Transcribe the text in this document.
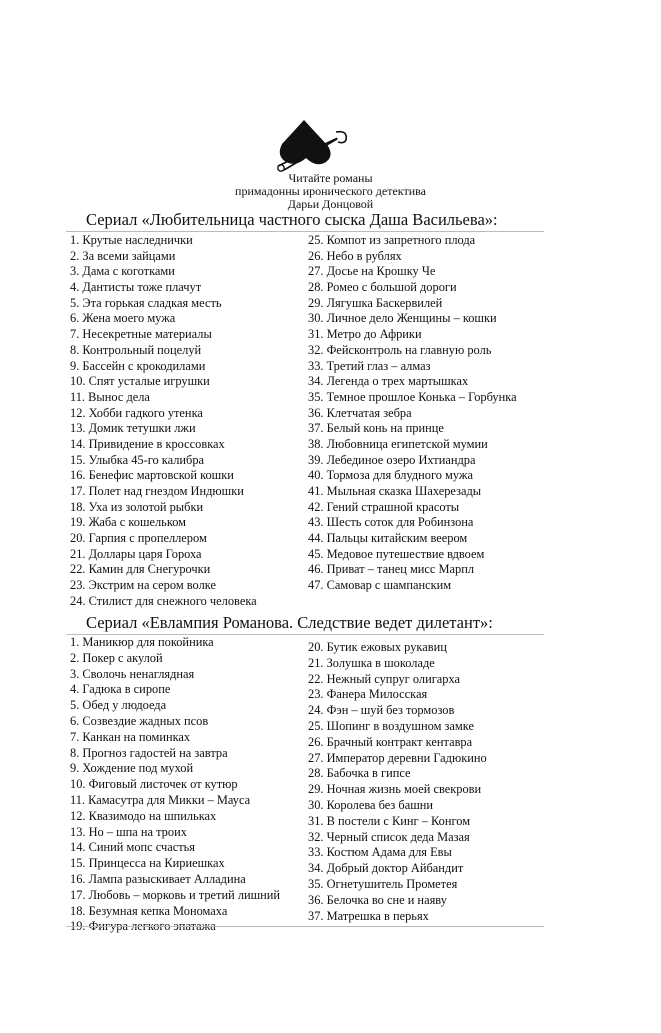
Читайте романы
примадонны иронического детектива
Дарьи Донцовой
Сериал «Любительница частного сыска Даша Васильева»:
1. Крутые наследнички
2. За всеми зайцами
3. Дама с коготками
4. Дантисты тоже плачут
5. Эта горькая сладкая месть
6. Жена моего мужа
7. Несекретные материалы
8. Контрольный поцелуй
9. Бассейн с крокодилами
10. Спят усталые игрушки
11. Вынос дела
12. Хобби гадкого утенка
13. Домик тетушки лжи
14. Привидение в кроссовках
15. Улыбка 45-го калибра
16. Бенефис мартовской кошки
17. Полет над гнездом Индюшки
18. Уха из золотой рыбки
19. Жаба с кошельком
20. Гарпия с пропеллером
21. Доллары царя Гороха
22. Камин для Снегурочки
23. Экстрим на сером волке
24. Стилист для снежного человека
25. Компот из запретного плода
26. Небо в рублях
27. Досье на Крошку Че
28. Ромео с большой дороги
29. Лягушка Баскервилей
30. Личное дело Женщины – кошки
31. Метро до Африки
32. Фейсконтроль на главную роль
33. Третий глаз – алмаз
34. Легенда о трех мартышках
35. Темное прошлое Конька – Горбунка
36. Клетчатая зебра
37. Белый конь на принце
38. Любовница египетской мумии
39. Лебединое озеро Ихтиандра
40. Тормоза для блудного мужа
41. Мыльная сказка Шахерезады
42. Гений страшной красоты
43. Шесть соток для Робинзона
44. Пальцы китайским веером
45. Медовое путешествие вдвоем
46. Приват – танец мисс Марпл
47. Самовар с шампанским
Сериал «Евлампия Романова. Следствие ведет дилетант»:
1. Маникюр для покойника
2. Покер с акулой
3. Сволочь ненаглядная
4. Гадюка в сиропе
5. Обед у людоеда
6. Созвездие жадных псов
7. Канкан на поминках
8. Прогноз гадостей на завтра
9. Хождение под мухой
10. Фиговый листочек от кутюр
11. Камасутра для Микки – Мауса
12. Квазимодо на шпильках
13. Но – шпа на троих
14. Синий мопс счастья
15. Принцесса на Кириешках
16. Лампа разыскивает Алладина
17. Любовь – морковь и третий лишний
18. Безумная кепка Мономаха
19. Фигура легкого эпатажа
20. Бутик ежовых рукавиц
21. Золушка в шоколаде
22. Нежный супруг олигарха
23. Фанера Милосская
24. Фэн – шуй без тормозов
25. Шопинг в воздушном замке
26. Брачный контракт кентавра
27. Император деревни Гадюкино
28. Бабочка в гипсе
29. Ночная жизнь моей свекрови
30. Королева без башни
31. В постели с Кинг – Конгом
32. Черный список деда Мазая
33. Костюм Адама для Евы
34. Добрый доктор Айбандит
35. Огнетушитель Прометея
36. Белочка во сне и наяву
37. Матрешка в перьях
